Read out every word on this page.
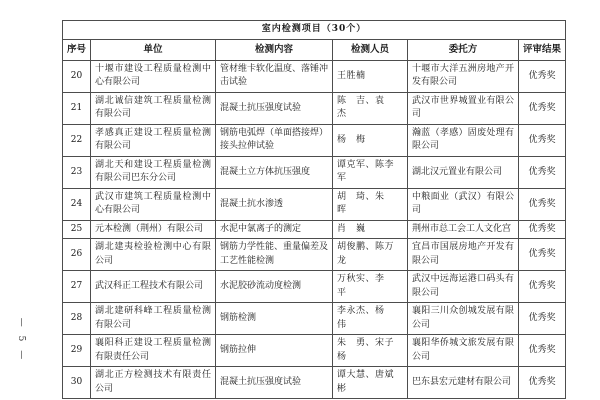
— 5 —
室内检测项目（30个）					
序号	单位	检测内容	检测人员	委托方	评审结果
20	十堰市建设工程质量检测中心有限公司	管材维卡软化温度、落锤冲击试验	王胜楠	十堰市大洋五洲房地产开发有限公司	优秀奖
21	湖北诚信建筑工程质量检测有限公司	混凝土抗压强度试验	陈　吉、袁　杰	武汉市世界城置业有限公司	优秀奖
22	孝感真正建设工程质量检测有限公司	钢筋电弧焊（单面搭接焊）接头拉伸试验	杨　梅	瀚蓝（孝感）固废处理有限公司	优秀奖
23	湖北天和建设工程质量检测有限公司巴东分公司	混凝土立方体抗压强度	谭克军、陈李军	湖北汉元置业有限公司	优秀奖
24	武汉市建筑工程质量检测中心有限公司	混凝土抗水渗透	胡　琦、朱　晖	中粮面业（武汉）有限公司	优秀奖
25	元本检测（荆州）有限公司	水泥中氯离子的测定	肖　巍	荆州市总工会工人文化宫	优秀奖
26	湖北建夷检验检测中心有限公司	钢筋力学性能、重量偏差及工艺性能检测	胡俊鹏、陈万龙	宜昌市国展房地产开发有限公司	优秀奖
27	武汉科正工程技术有限公司	水泥胶砂流动度检测	万秋实、李　平	武汉中远海运港口码头有限公司	优秀奖
28	湖北建研科峰工程质量检测有限公司	钢筋检测	李永杰、杨　伟	襄阳三川众创城发展有限公司	优秀奖
29	襄阳科正建设工程质量检测有限责任公司	钢筋拉伸	朱　勇、宋子杨	襄阳华侨城文旅发展有限公司	优秀奖
30	湖北正方检测技术有限责任公司	混凝土抗压强度试验	谭大慧、唐斌彬	巴东县宏元建材有限公司	优秀奖
